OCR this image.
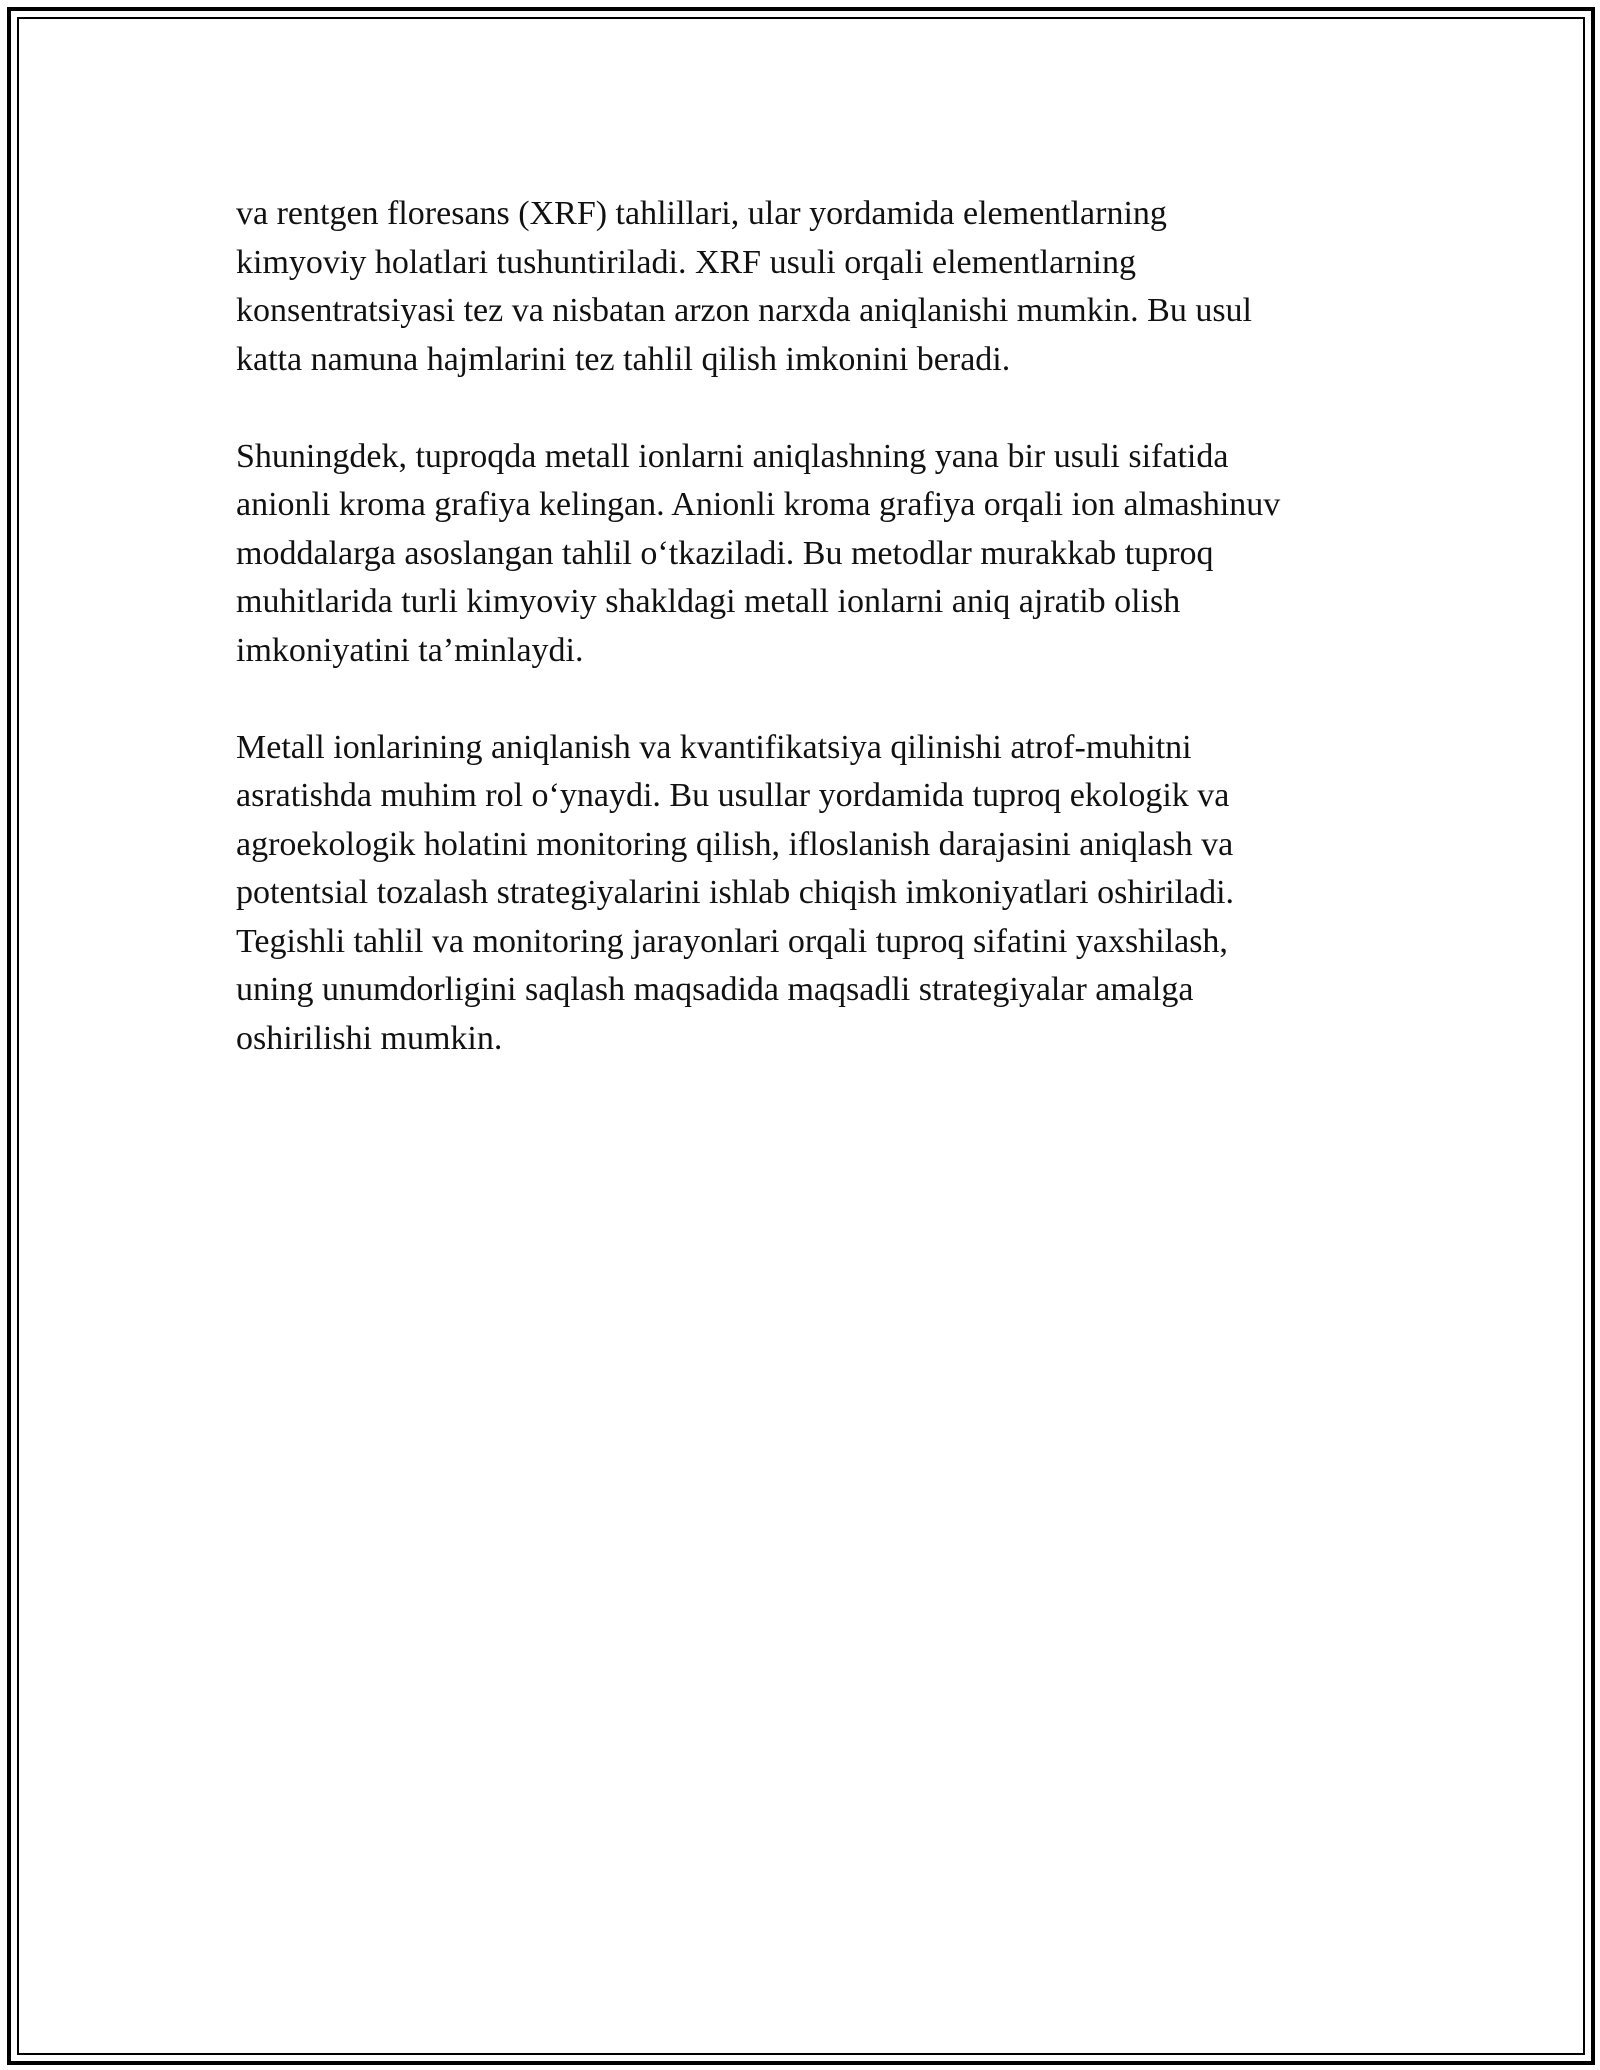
va rentgen floresans (XRF) tahlillari, ular yordamida elementlarning
kimyoviy holatlari tushuntiriladi. XRF usuli orqali elementlarning
konsentratsiyasi tez va nisbatan arzon narxda aniqlanishi mumkin. Bu usul
katta namuna hajmlarini tez tahlil qilish imkonini beradi.

Shuningdek, tuproqda metall ionlarni aniqlashning yana bir usuli sifatida
anionli kroma grafiya kelingan. Anionli kroma grafiya orqali ion almashinuv
moddalarga asoslangan tahlil o‘tkaziladi. Bu metodlar murakkab tuproq
muhitlarida turli kimyoviy shakldagi metall ionlarni aniq ajratib olish
imkoniyatini ta’minlaydi.

Metall ionlarining aniqlanish va kvantifikatsiya qilinishi atrof-muhitni
asratishda muhim rol o‘ynaydi. Bu usullar yordamida tuproq ekologik va
agroekologik holatini monitoring qilish, ifloslanish darajasini aniqlash va
potentsial tozalash strategiyalarini ishlab chiqish imkoniyatlari oshiriladi.
Tegishli tahlil va monitoring jarayonlari orqali tuproq sifatini yaxshilash,
uning unumdorligini saqlash maqsadida maqsadli strategiyalar amalga
oshirilishi mumkin.
